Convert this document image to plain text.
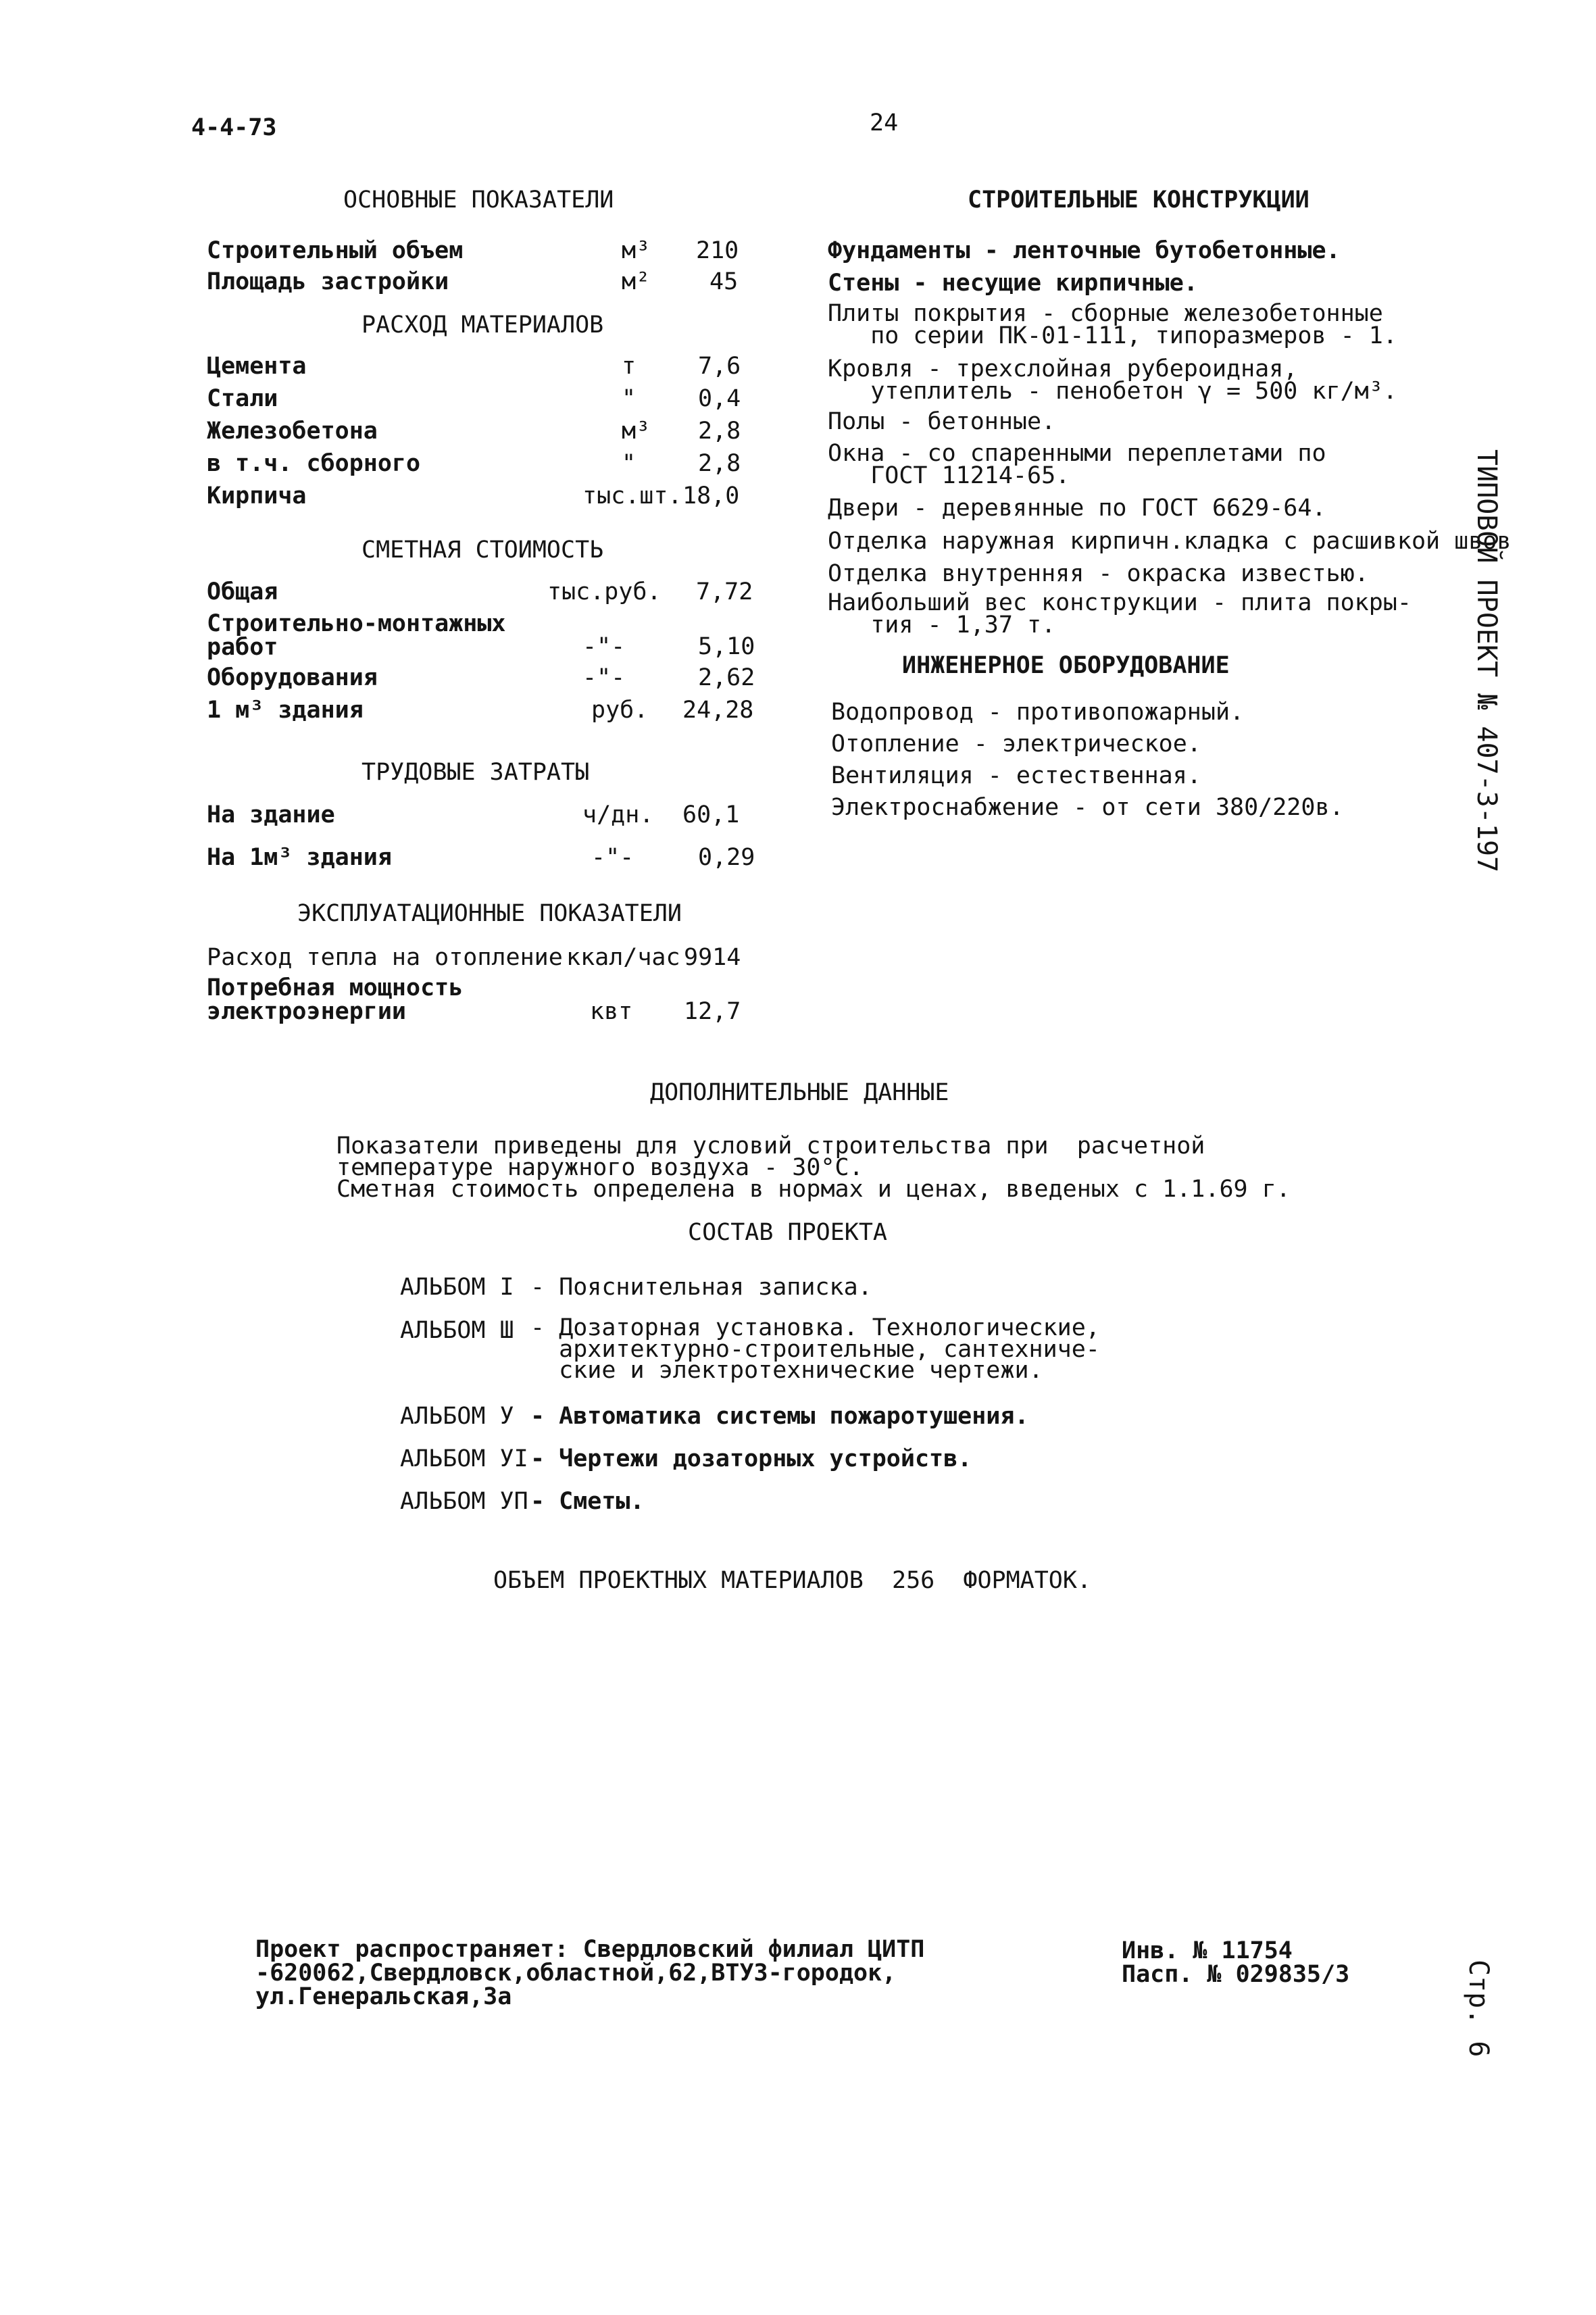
4-4-73	24
ОСНОВНЫЕ ПОКАЗАТЕЛИ
Строительный объем	м³ 210
Площадь застройки	м²	45
РАСХОД МАТЕРИАЛОВ
Цемента	т	7,6
Стали	"	0,4
Железобетона	м³ 2,8
в т.ч. сборного	"	2,8
Кирпича	тыс.шт. 18,0
СМЕТНАЯ СТОИМОСТЬ
Общая	тыс.руб. 7,72
Строительно-монтажных
работ	-"-	5,10
Оборудования	-"-	2,62
1 м³ здания	руб. 24,28
ТРУДОВЫЕ ЗАТРАТЫ
На здание	ч/дн. 60,1
На 1м³ здания	-"-	0,29
ЭКСПЛУАТАЦИОННЫЕ ПОКАЗАТЕЛИ
Расход тепла на отопление ккал/час 9914
Потребная мощность
электроэнергии	квт 12,7
СТРОИТЕЛЬНЫЕ КОНСТРУКЦИИ
Фундаменты - ленточные бутобетонные.
Стены - несущие кирпичные.
Плиты покрытия - сборные железобетонные
по серии ПК-01-111, типоразмеров - 1.
Кровля - трехслойная рубероидная,
утеплитель - пенобетон γ = 500 кг/м³.
Полы - бетонные.
Окна - со спаренными переплетами по
ГОСТ 11214-65.
Двери - деревянные по ГОСТ 6629-64.
Отделка наружная кирпичн.кладка с расшивкой швов
Отделка внутренняя - окраска известью.
Наибольший вес конструкции - плита покры-
тия - 1,37 т.
ИНЖЕНЕРНОЕ ОБОРУДОВАНИЕ
Водопровод - противопожарный.
Отопление - электрическое.
Вентиляция - естественная.
Электроснабжение - от сети 380/220в.	ТИПОВОЙ ПРОЕКТ № 407-3-197
ДОПОЛНИТЕЛЬНЫЕ ДАННЫЕ
Показатели приведены для условий строительства при  расчетной
температуре наружного воздуха - 30°С.
Сметная стоимость определена в нормах и ценах, введеных с 1.1.69 г.
СОСТАВ ПРОЕКТА
АЛЬБОМ I - Пояснительная записка.
АЛЬБОМ Ш - Дозаторная установка. Технологические,
архитектурно-строительные, сантехниче-
ские и электротехнические чертежи.
АЛЬБОМ У - Автоматика системы пожаротушения.
АЛЬБОМ УI - Чертежи дозаторных устройств.
АЛЬБОМ УП - Сметы.
ОБЪЕМ ПРОЕКТНЫХ МАТЕРИАЛОВ  256  ФОРМАТОК.
Проект распространяет: Свердловский филиал ЦИТП
-620062,Свердловск,областной,62,ВТУЗ-городок,
ул.Генеральская,3а
Инв. № 11754
Пасп. № 029835/3	Стр. 6
